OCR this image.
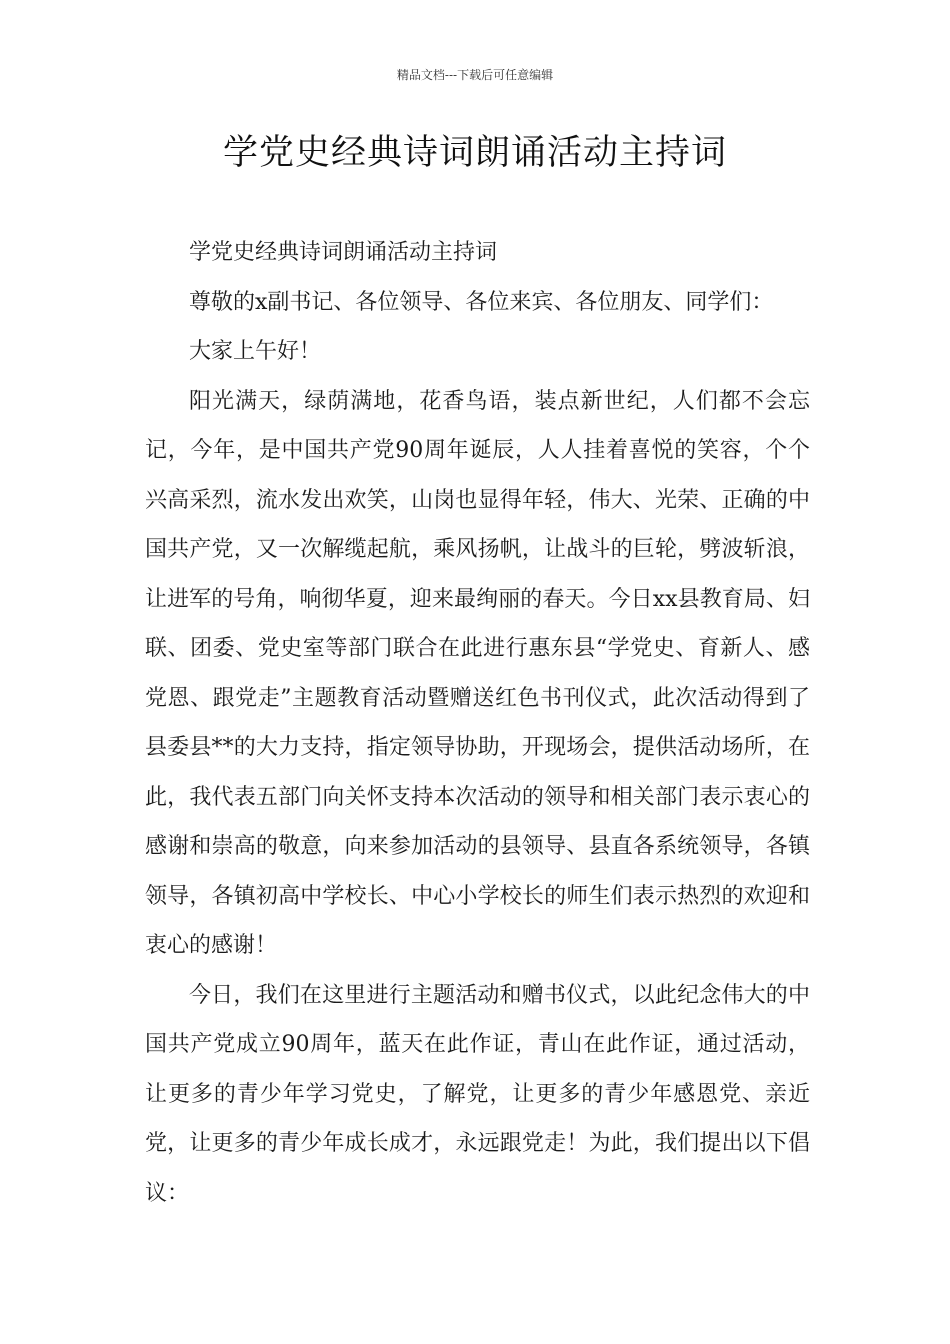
精品文档---下载后可任意编辑
学党史经典诗词朗诵活动主持词

学党史经典诗词朗诵活动主持词

尊敬的x副书记、各位领导、各位来宾、各位朋友、同学们：

大家上午好！

阳光满天，绿荫满地，花香鸟语，装点新世纪，人们都不会忘记，今年，是中国共产党90周年诞辰，人人挂着喜悦的笑容，个个兴高采烈，流水发出欢笑，山岗也显得年轻，伟大、光荣、正确的中国共产党，又一次解缆起航，乘风扬帆，让战斗的巨轮，劈波斩浪，让进军的号角，响彻华夏，迎来最绚丽的春天。今日xx县教育局、妇联、团委、党史室等部门联合在此进行惠东县“学党史、育新人、感党恩、跟党走”主题教育活动暨赠送红色书刊仪式，此次活动得到了县委县**的大力支持，指定领导协助，开现场会，提供活动场所，在此，我代表五部门向关怀支持本次活动的领导和相关部门表示衷心的感谢和崇高的敬意，向来参加活动的县领导、县直各系统领导，各镇领导，各镇初高中学校长、中心小学校长的师生们表示热烈的欢迎和衷心的感谢！

今日，我们在这里进行主题活动和赠书仪式，以此纪念伟大的中国共产党成立90周年，蓝天在此作证，青山在此作证，通过活动，让更多的青少年学习党史，了解党，让更多的青少年感恩党、亲近党，让更多的青少年成长成才，永远跟党走！为此，我们提出以下倡议：
